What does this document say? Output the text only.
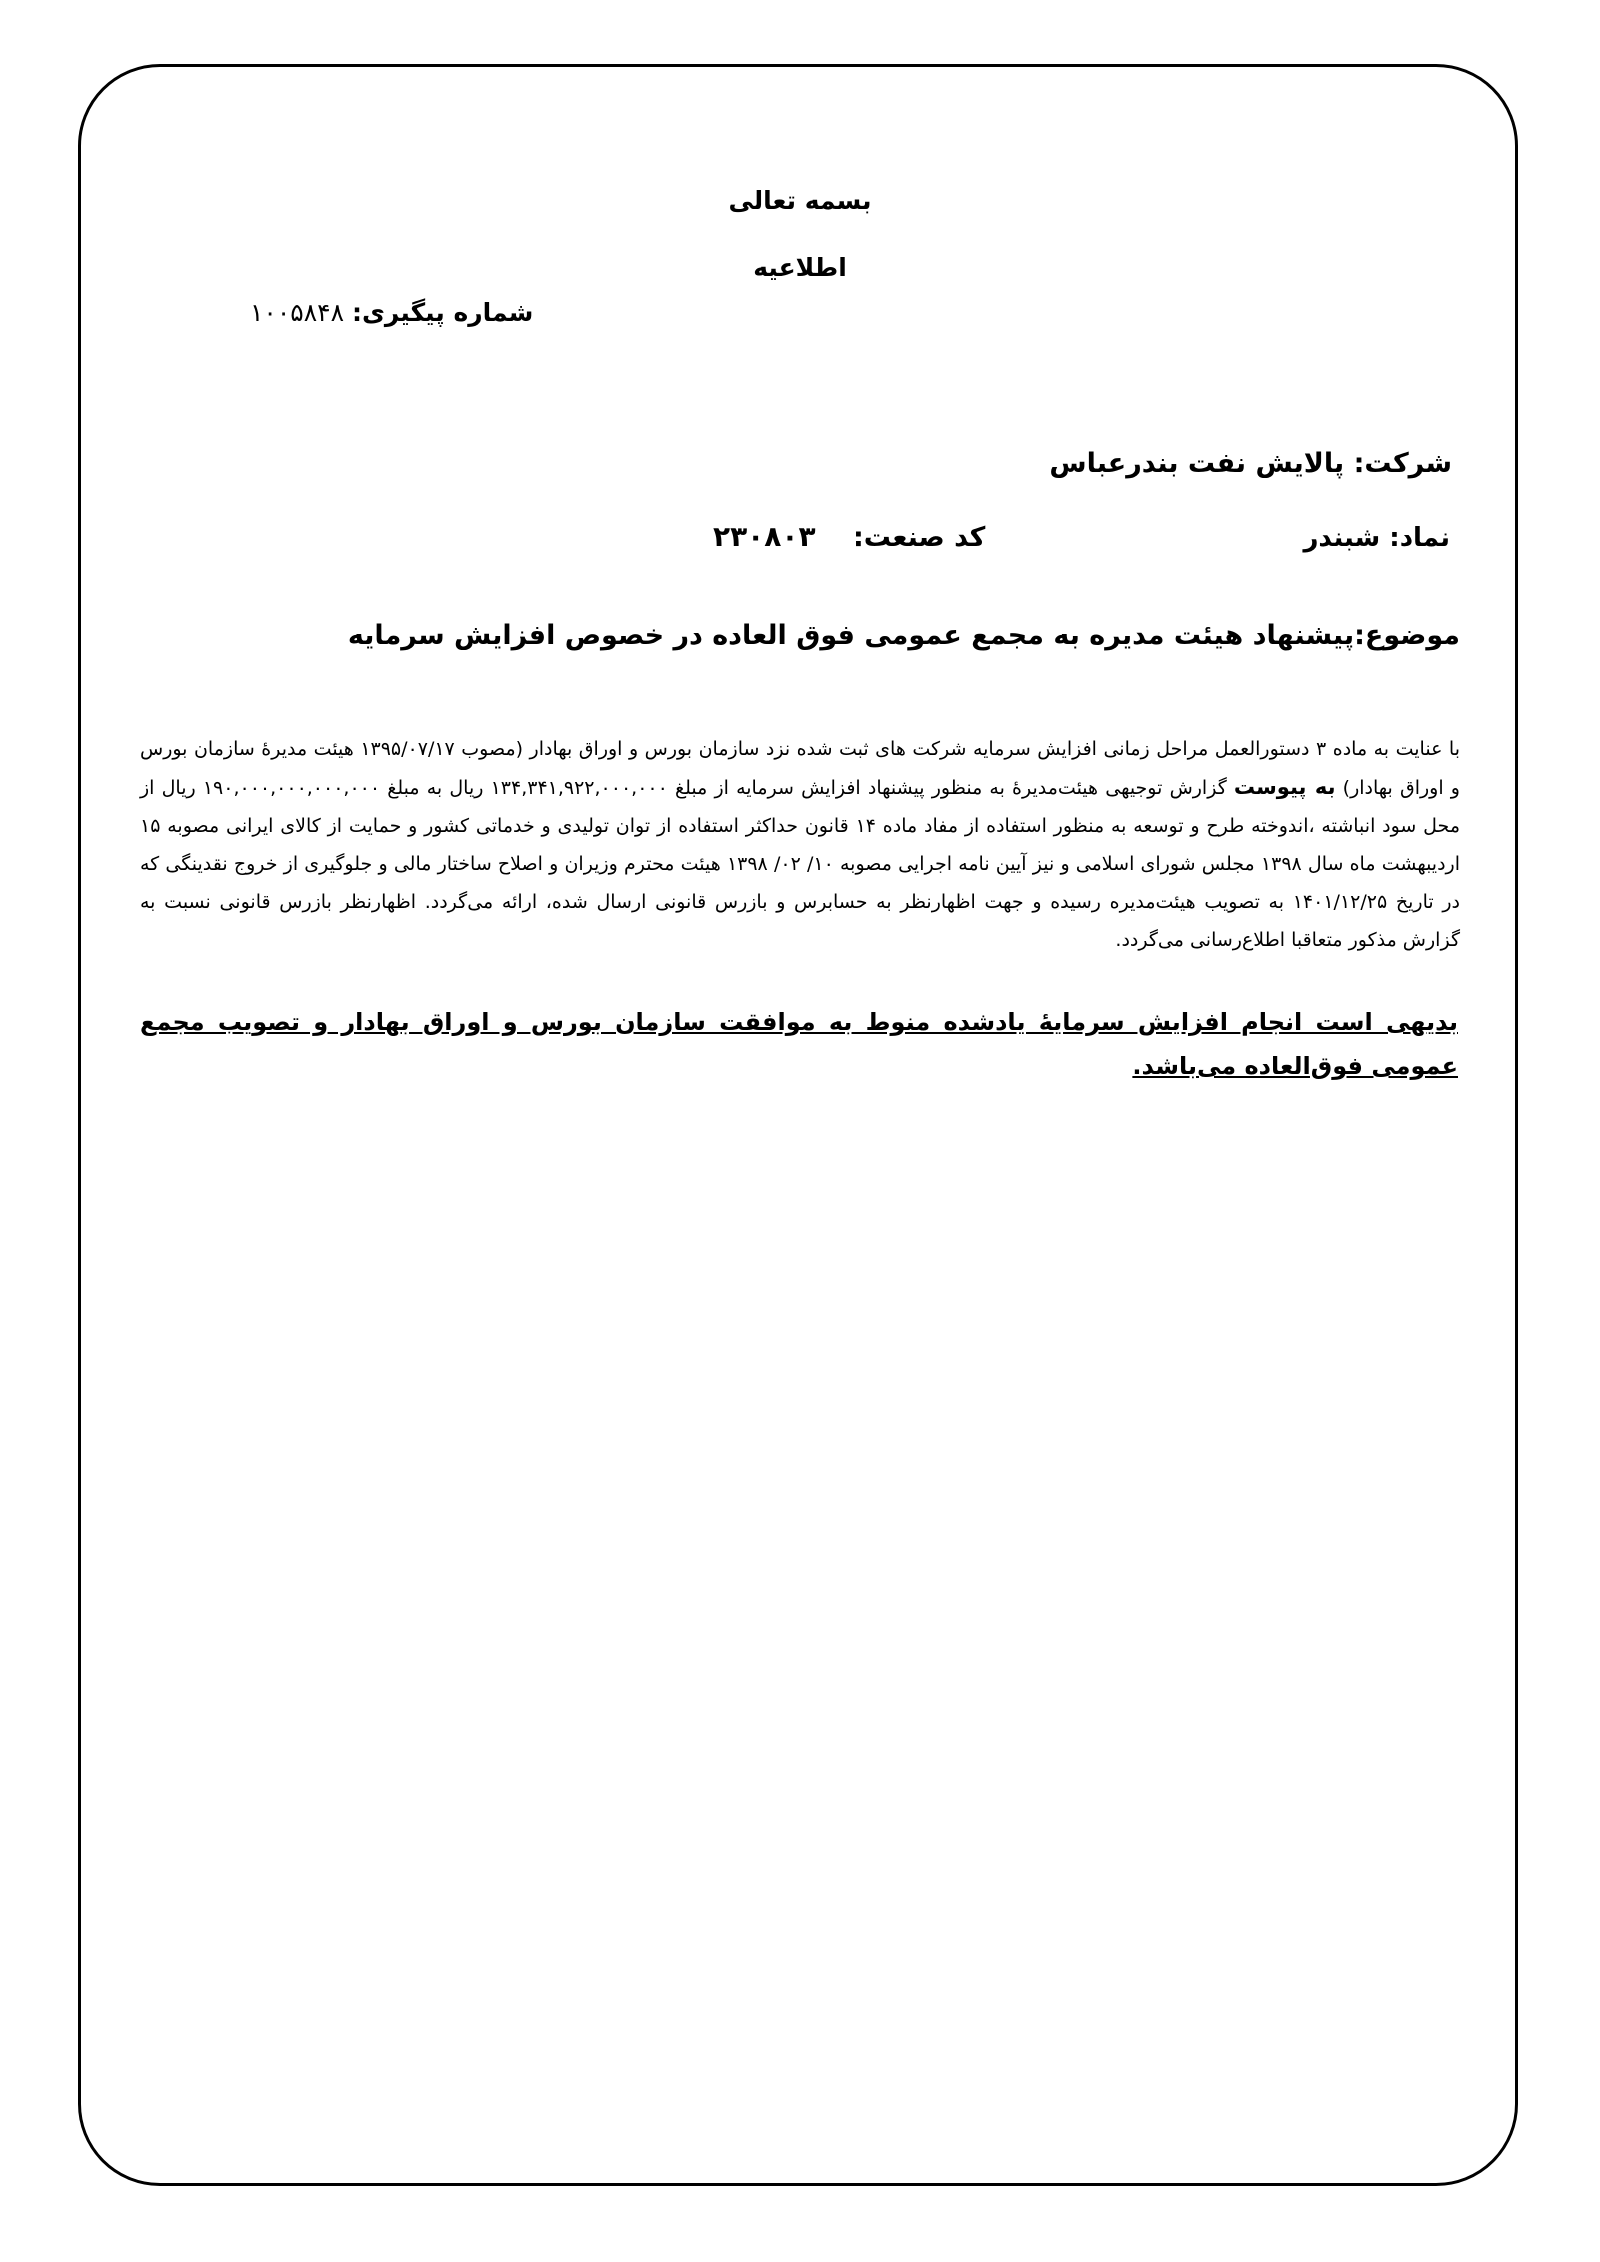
بسمه تعالی
اطلاعیه
شماره پیگیری: ۱۰۰۵۸۴۸
شرکت: پالایش نفت بندرعباس
نماد: شبندر
کد صنعت: ۲۳۰۸۰۳
موضوع:پیشنهاد هیئت مدیره به مجمع عمومی فوق العاده در خصوص افزایش سرمایه
با عنایت به ماده ۳ دستورالعمل مراحل زمانی افزایش سرمایه شرکت های ثبت شده نزد سازمان بورس و اوراق بهادار (مصوب ۱۳۹۵/۰۷/۱۷ هیئت مدیرهٔ سازمان بورس و اوراق بهادار) به پیوست گزارش توجیهی هیئت‌مدیرهٔ به منظور پیشنهاد افزایش سرمایه از مبلغ ۱۳۴,۳۴۱,۹۲۲,۰۰۰,۰۰۰ ریال به مبلغ ۱۹۰,۰۰۰,۰۰۰,۰۰۰,۰۰۰ ریال از محل سود انباشته ،اندوخته طرح و توسعه به منظور استفاده از مفاد ماده ۱۴ قانون حداکثر استفاده از توان تولیدی و خدماتی کشور و حمایت از کالای ایرانی مصوبه ۱۵ اردیبهشت ماه سال ۱۳۹۸ مجلس شورای اسلامی و نیز آیین نامه اجرایی مصوبه ۱۰/ ۰۲/ ۱۳۹۸ هیئت محترم وزیران و اصلاح ساختار مالی و جلوگیری از خروج نقدینگی که در تاریخ ۱۴۰۱/۱۲/۲۵ به تصویب هیئت‌مدیره رسیده و جهت اظهارنظر به حسابرس و بازرس قانونی ارسال شده، ارائه می‌گردد. اظهارنظر بازرس قانونی نسبت به گزارش مذکور متعاقبا اطلاع‌رسانی می‌گردد.
بدیهی است انجام افزایش سرمایهٔ یادشده منوط به موافقت سازمان بورس و اوراق بهادار و تصویب مجمع عمومی فوق‌العاده می‌باشد.
